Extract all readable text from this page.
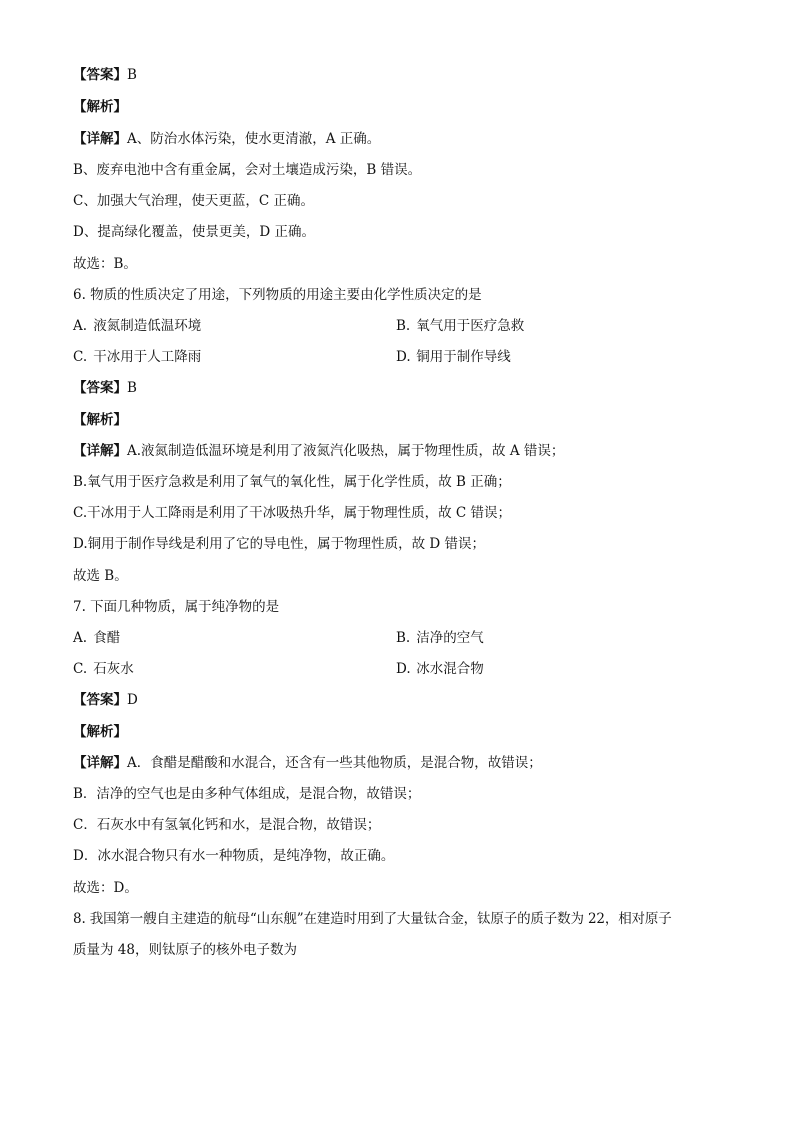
【答案】B
【解析】
【详解】A、防治水体污染，使水更清澈，A 正确。
B、废弃电池中含有重金属，会对土壤造成污染，B 错误。
C、加强大气治理，使天更蓝，C 正确。
D、提高绿化覆盖，使景更美，D 正确。
故选：B。
6. 物质的性质决定了用途，下列物质的用途主要由化学性质决定的是
A. 液氮制造低温环境	B. 氧气用于医疗急救
C. 干冰用于人工降雨	D. 铜用于制作导线
【答案】B
【解析】
【详解】A.液氮制造低温环境是利用了液氮汽化吸热，属于物理性质，故 A 错误；
B.氧气用于医疗急救是利用了氧气的氧化性，属于化学性质，故 B 正确；
C.干冰用于人工降雨是利用了干冰吸热升华，属于物理性质，故 C 错误；
D.铜用于制作导线是利用了它的导电性，属于物理性质，故 D 错误；
故选 B。
7. 下面几种物质，属于纯净物的是
A. 食醋	B. 洁净的空气
C. 石灰水	D. 冰水混合物
【答案】D
【解析】
【详解】A．食醋是醋酸和水混合，还含有一些其他物质，是混合物，故错误；
B．洁净的空气也是由多种气体组成，是混合物，故错误；
C．石灰水中有氢氧化钙和水，是混合物，故错误；
D．冰水混合物只有水一种物质，是纯净物，故正确。
故选：D。
8. 我国第一艘自主建造的航母“山东舰”在建造时用到了大量钛合金，钛原子的质子数为 22，相对原子
质量为 48，则钛原子的核外电子数为
